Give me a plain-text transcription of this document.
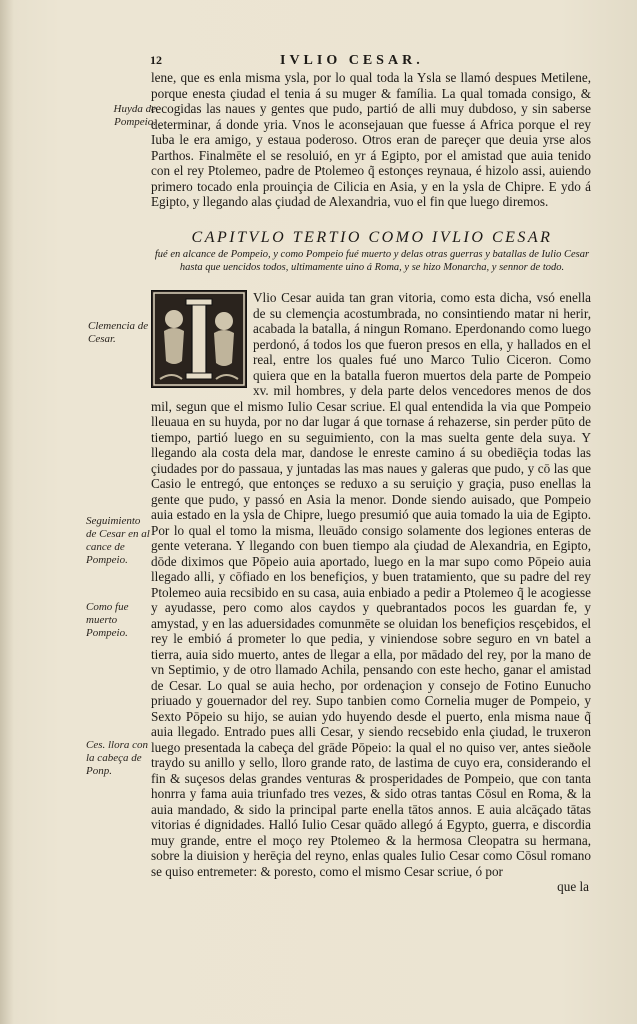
12	IVLIO CESAR.
Huyda de Pompeio.
Clemencia de Cesar.
Seguimiento de Cesar en al cance de Pompeio.
Como fue muerto Pompeio.
Ces. llora con la cabeça de Ponp.

lene, que es enla misma ysla, por lo qual toda la Ysla se llamó despues Metilene, porque enesta çiudad el tenia á su muger & família. La qual tomada consigo, & recogidas las naues y gentes que pudo, partió de alli muy dubdoso, y sin saberse determinar, á donde yria. Vnos le aconsejauan que fuesse á Africa porque el rey Iuba le era amigo, y estaua poderoso. Otros eran de pareçer que deuia yrse alos Parthos. Finalmēte el se resoluió, en yr á Egipto, por el amistad que auia tenido con el rey Ptolemeo, padre de Ptolemeo q̃ estonçes reynaua, é hizolo assi, auiendo primero tocado enla prouinçia de Cilicia en Asia, y en la ysla de Chipre. E ydo á Egipto, y llegando alas çiudad de Alexandria, vuo el fin que luego diremos.

CAPITVLO TERTIO COMO IVLIO CESAR
fué en alcance de Pompeio, y como Pompeio fué muerto y delas otras guerras y batallas de Iulio Cesar hasta que uencidos todos, ultimamente uino á Roma, y se hizo Monarcha, y sennor de todo.

Vlio Cesar auida tan gran vitoria, como esta dicha, vsó enella de su clemençia acostumbrada, no consintiendo matar ni herir, acabada la batalla, á ningun Romano. Eperdonando como luego perdonó, á todos los que fueron presos en ella, y hallados en el real, entre los quales fué uno Marco Tulio Ciceron. Como quiera que en la batalla fueron muertos dela parte de Pompeio xv. mil hombres, y dela parte delos vencedores menos de dos mil, segun que el mismo Iulio Cesar scriue. El qual entendida la via que Pompeio lleuaua en su huyda, por no dar lugar á que tornase á rehazerse, sin perder pūto de tiempo, partió luego en su seguimiento, con la mas suelta gente dela suya. Y llegando ala costa dela mar, dandose le enreste camino á su obediēçia todas las çiudades por do passaua, y juntadas las mas naues y galeras que pudo, y cō las que Casio le entregó, que entonçes se reduxo a su seruiçio y graçia, puso enellas la gente que pudo, y passó en Asia la menor. Donde siendo auisado, que Pompeio auia estado en la ysla de Chipre, luego presumió que auia tomado la uia de Egipto. Por lo qual el tomo la misma, lleuādo consigo solamente dos legiones enteras de gente veterana. Y llegando con buen tiempo ala çiudad de Alexandria, en Egipto, dōde diximos que Pōpeio auia aportado, luego en la mar supo como Pōpeio auia llegado alli, y cōfiado en los benefiçios, y buen tratamiento, que su padre del rey Ptolemeo auia recsibido en su casa, auia enbiado a pedir a Ptolemeo q̃ le acogiesse y ayudasse, pero como alos caydos y quebrantados pocos les guardan fe, y amystad, y en las aduersidades comunmēte se oluidan los benefiçios resçebidos, el rey le embió á prometer lo que pedia, y viniendose sobre seguro en vn batel a tierra, auia sido muerto, antes de llegar a ella, por mādado del rey, por la mano de vn Septimio, y de otro llamado Achila, pensando con este hecho, ganar el amistad de Cesar. Lo qual se auia hecho, por ordenaçion y consejo de Fotino Eunucho priuado y gouernador del rey. Supo tanbien como Cornelia muger de Pompeio, y Sexto Pōpeio su hijo, se auian ydo huyendo desde el puerto, enla misma naue q̃ auia llegado. Entrado pues alli Cesar, y siendo recsebido enla çiudad, le truxeron luego presentada la cabeça del grāde Pōpeio: la qual el no quiso ver, antes sieðole traydo su anillo y sello, lloro grande rato, de lastima de cuyo era, considerando el fin & suçesos delas grandes venturas & prosperidades de Pompeio, que con tanta honrra y fama auia triunfado tres vezes, & sido otras tantas Cōsul en Roma, & la auia mandado, & sido la principal parte enella tātos annos. E auia alcāçado tātas vitorias é dignidades. Halló Iulio Cesar quādo allegó á Egypto, guerra, e discordia muy grande, entre el moço rey Ptolemeo & la hermosa Cleopatra su hermana, sobre la diuision y herēçia del reyno, enlas quales Iulio Cesar como Cōsul romano se quiso entremeter: & poresto, como el mismo Cesar scriue, ó por

que la
